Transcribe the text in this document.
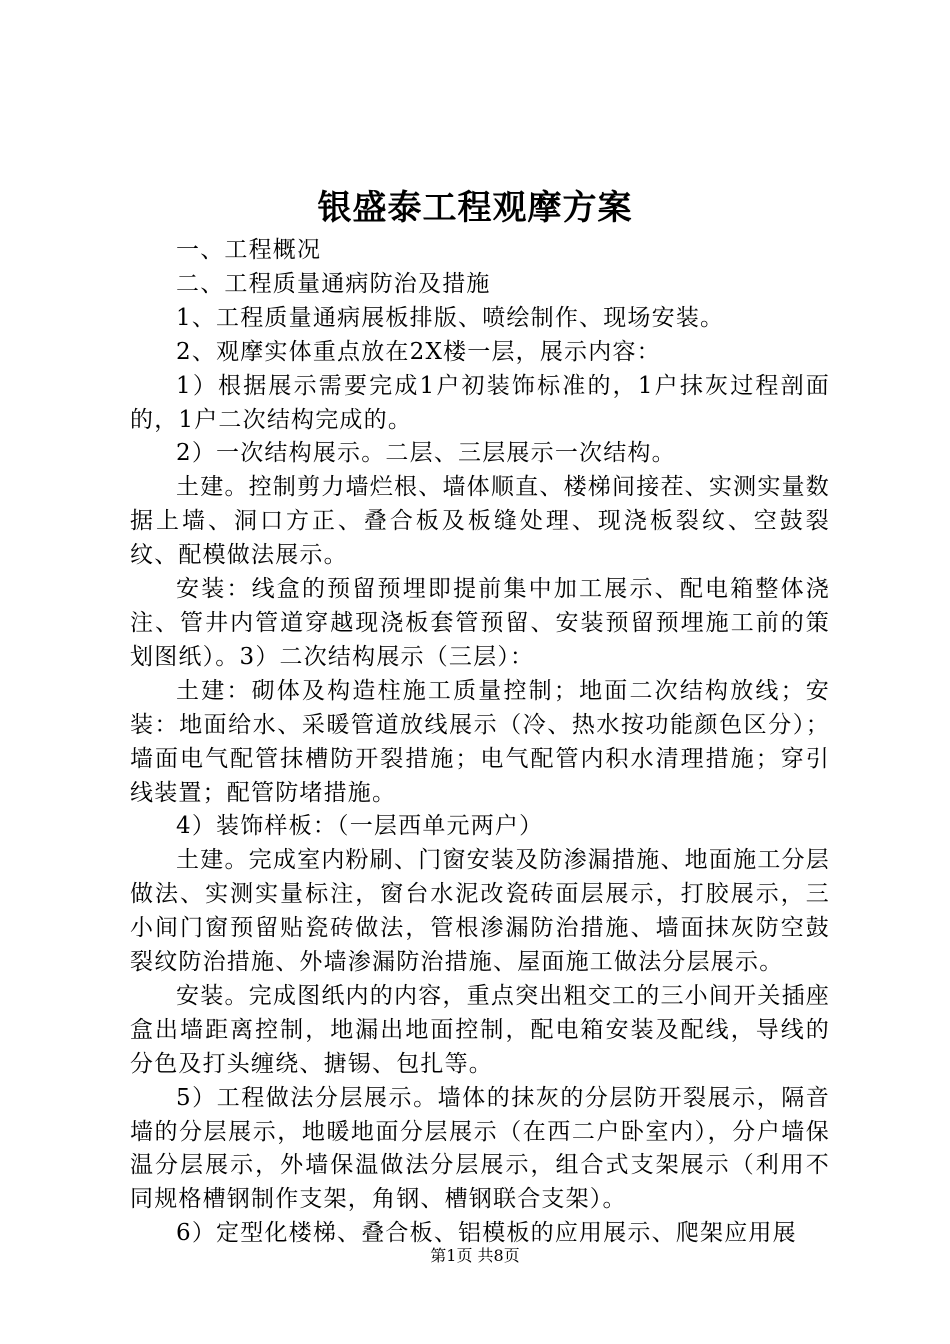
银盛泰工程观摩方案

一、工程概况

二、工程质量通病防治及措施

1、工程质量通病展板排版、喷绘制作、现场安装。

2、观摩实体重点放在2X楼一层，展示内容：

1）根据展示需要完成1户初装饰标准的，1户抹灰过程剖面的，1户二次结构完成的。

2）一次结构展示。二层、三层展示一次结构。

土建。控制剪力墙烂根、墙体顺直、楼梯间接茬、实测实量数据上墙、洞口方正、叠合板及板缝处理、现浇板裂纹、空鼓裂纹、配模做法展示。

安装：线盒的预留预埋即提前集中加工展示、配电箱整体浇注、管井内管道穿越现浇板套管预留、安装预留预埋施工前的策划图纸）。3）二次结构展示（三层）：

土建：砌体及构造柱施工质量控制；地面二次结构放线；安装：地面给水、采暖管道放线展示（冷、热水按功能颜色区分）；墙面电气配管抹槽防开裂措施；电气配管内积水清理措施；穿引线装置；配管防堵措施。

4）装饰样板：（一层西单元两户）

土建。完成室内粉刷、门窗安装及防渗漏措施、地面施工分层做法、实测实量标注，窗台水泥改瓷砖面层展示，打胶展示，三小间门窗预留贴瓷砖做法，管根渗漏防治措施、墙面抹灰防空鼓裂纹防治措施、外墙渗漏防治措施、屋面施工做法分层展示。

安装。完成图纸内的内容，重点突出粗交工的三小间开关插座盒出墙距离控制，地漏出地面控制，配电箱安装及配线，导线的分色及打头缠绕、搪锡、包扎等。

5）工程做法分层展示。墙体的抹灰的分层防开裂展示，隔音墙的分层展示，地暖地面分层展示（在西二户卧室内），分户墙保温分层展示，外墙保温做法分层展示，组合式支架展示（利用不同规格槽钢制作支架，角钢、槽钢联合支架）。

6）定型化楼梯、叠合板、铝模板的应用展示、爬架应用展

第1页 共8页
